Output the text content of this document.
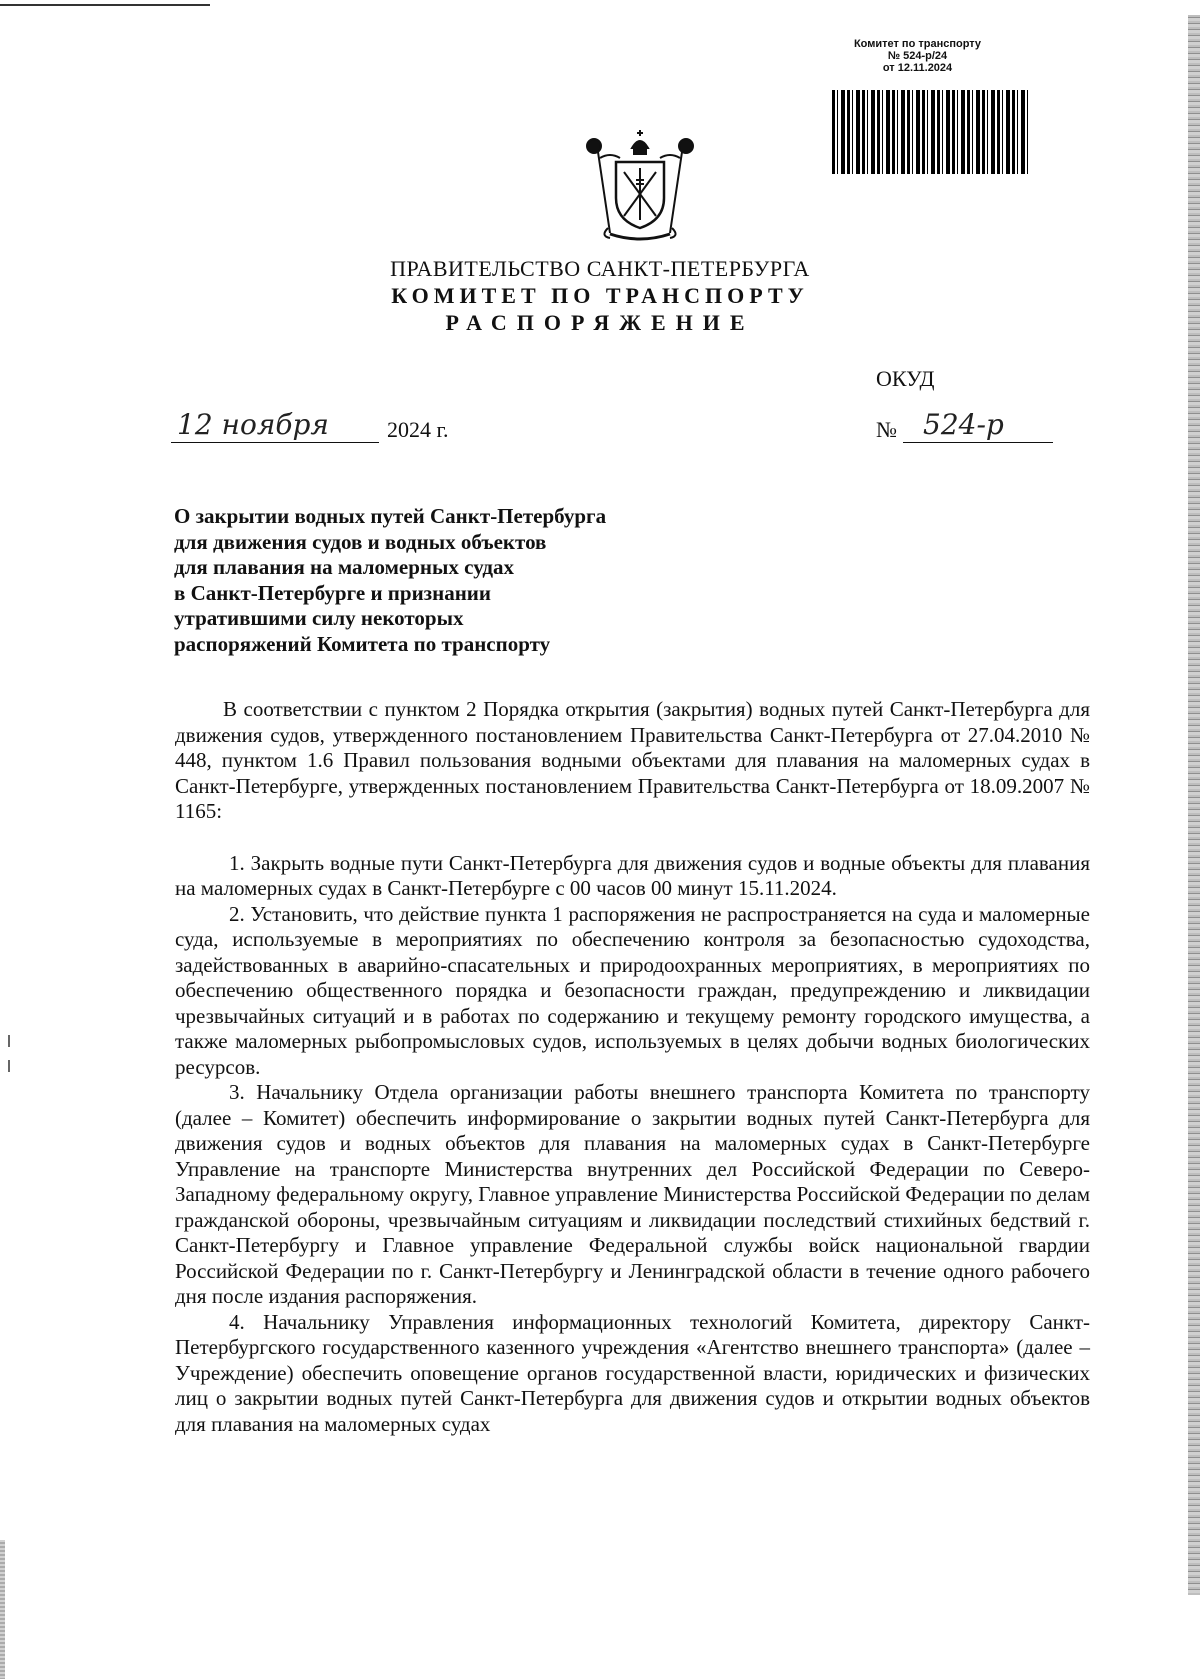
Комитет по транспорту
№ 524-р/24
от 12.11.2024
ПРАВИТЕЛЬСТВО САНКТ-ПЕТЕРБУРГА
КОМИТЕТ ПО ТРАНСПОРТУ
РАСПОРЯЖЕНИЕ
ОКУД
12 ноября	2024 г.	№ 524-р
О закрытии водных путей Санкт-Петербурга
для движения судов и водных объектов
для плавания на маломерных судах
в Санкт-Петербурге и признании
утратившими силу некоторых
распоряжений Комитета по транспорту

В соответствии с пунктом 2 Порядка открытия (закрытия) водных путей Санкт-Петербурга для движения судов, утвержденного постановлением Правительства Санкт-Петербурга от 27.04.2010 № 448, пунктом 1.6 Правил пользования водными объектами для плавания на маломерных судах в Санкт-Петербурге, утвержденных постановлением Правительства Санкт-Петербурга от 18.09.2007 № 1165:

1. Закрыть водные пути Санкт-Петербурга для движения судов и водные объекты для плавания на маломерных судах в Санкт-Петербурге с 00 часов 00 минут 15.11.2024.

2. Установить, что действие пункта 1 распоряжения не распространяется на суда и маломерные суда, используемые в мероприятиях по обеспечению контроля за безопасностью судоходства, задействованных в аварийно-спасательных и природоохранных мероприятиях, в мероприятиях по обеспечению общественного порядка и безопасности граждан, предупреждению и ликвидации чрезвычайных ситуаций и в работах по содержанию и текущему ремонту городского имущества, а также маломерных рыбопромысловых судов, используемых в целях добычи водных биологических ресурсов.

3. Начальнику Отдела организации работы внешнего транспорта Комитета по транспорту (далее – Комитет) обеспечить информирование о закрытии водных путей Санкт-Петербурга для движения судов и водных объектов для плавания на маломерных судах в Санкт-Петербурге Управление на транспорте Министерства внутренних дел Российской Федерации по Северо-Западному федеральному округу, Главное управление Министерства Российской Федерации по делам гражданской обороны, чрезвычайным ситуациям и ликвидации последствий стихийных бедствий г. Санкт-Петербургу и Главное управление Федеральной службы войск национальной гвардии Российской Федерации по г. Санкт-Петербургу и Ленинградской области в течение одного рабочего дня после издания распоряжения.

4. Начальнику Управления информационных технологий Комитета, директору Санкт-Петербургского государственного казенного учреждения «Агентство внешнего транспорта» (далее – Учреждение) обеспечить оповещение органов государственной власти, юридических и физических лиц о закрытии водных путей Санкт-Петербурга для движения судов и открытии водных объектов для плавания на маломерных судах
